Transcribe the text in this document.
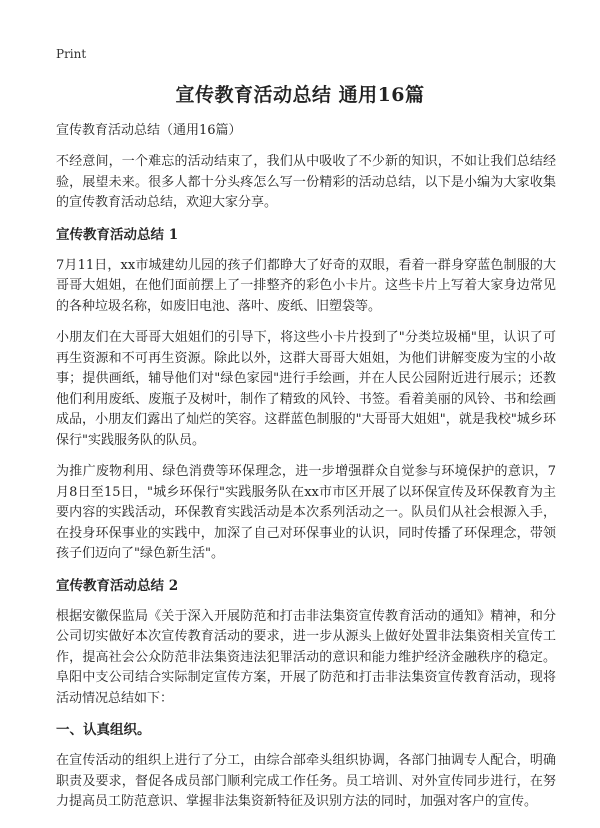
Print
宣传教育活动总结 通用16篇
宣传教育活动总结（通用16篇）

不经意间，一个难忘的活动结束了，我们从中吸收了不少新的知识，不如让我们总结经验，展望未来。很多人都十分头疼怎么写一份精彩的活动总结，以下是小编为大家收集的宣传教育活动总结，欢迎大家分享。

宣传教育活动总结 1

7月11日，xx市城建幼儿园的孩子们都睁大了好奇的双眼，看着一群身穿蓝色制服的大哥哥大姐姐，在他们面前摆上了一排整齐的彩色小卡片。这些卡片上写着大家身边常见的各种垃圾名称，如废旧电池、落叶、废纸、旧塑袋等。

小朋友们在大哥哥大姐姐们的引导下，将这些小卡片投到了"分类垃圾桶"里，认识了可再生资源和不可再生资源。除此以外，这群大哥哥大姐姐，为他们讲解变废为宝的小故事；提供画纸，辅导他们对"绿色家园"进行手绘画，并在人民公园附近进行展示；还教他们利用废纸、废瓶子及树叶，制作了精致的风铃、书签。看着美丽的风铃、书和绘画成品，小朋友们露出了灿烂的笑容。这群蓝色制服的"大哥哥大姐姐"，就是我校"城乡环保行"实践服务队的队员。

为推广废物利用、绿色消费等环保理念，进一步增强群众自觉参与环境保护的意识，7月8日至15日，"城乡环保行"实践服务队在xx市市区开展了以环保宣传及环保教育为主要内容的实践活动，环保教育实践活动是本次系列活动之一。队员们从社会根源入手，在投身环保事业的实践中，加深了自己对环保事业的认识，同时传播了环保理念，带领孩子们迈向了"绿色新生活"。

宣传教育活动总结 2

根据安徽保监局《关于深入开展防范和打击非法集资宣传教育活动的通知》精神，和分公司切实做好本次宣传教育活动的要求，进一步从源头上做好处置非法集资相关宣传工作，提高社会公众防范非法集资违法犯罪活动的意识和能力维护经济金融秩序的稳定。阜阳中支公司结合实际制定宣传方案，开展了防范和打击非法集资宣传教育活动，现将活动情况总结如下：

一、认真组织。

在宣传活动的组织上进行了分工，由综合部牵头组织协调，各部门抽调专人配合，明确职责及要求，督促各成员部门顺利完成工作任务。员工培训、对外宣传同步进行，在努力提高员工防范意识、掌握非法集资新特征及识别方法的同时，加强对客户的宣传。
